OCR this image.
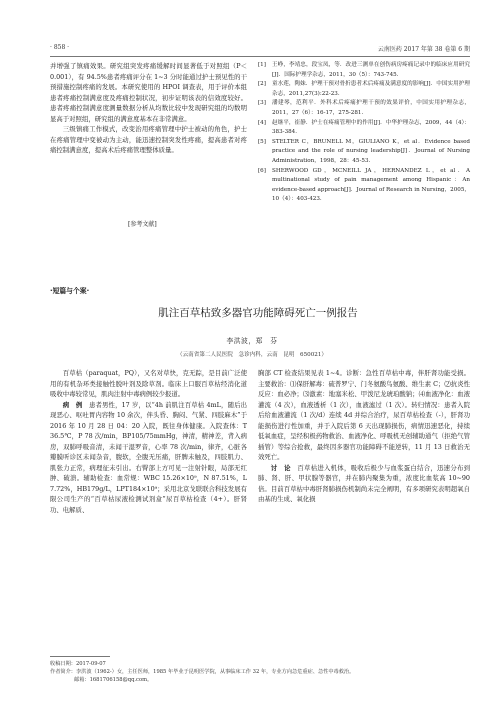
· 858 ·	云南医药 2017 年第 38 卷第 6 期

并增强了镇痛效果。研究组突发疼痛缓解时间显著低于对照组（P＜0.001），有 94.5%患者疼痛评分在 1~3 分时能通过护士预见性的干预措施控制疼痛的发展。本研究使用的 HPOI 调查表，用于评价本组患者疼痛控制满意度及疼痛控制状况，初步证明该表的信效度较好。患者疼痛控制满意度测量数据分析从均数比较中发现研究组的均数明显高于对照组，研究组的满意度基本在非常满意。

三级镇痛工作模式，改变治用疼痛管理中护士被动的角色，护士在疼痛管理中变被动为主动，能迅速控制突发性疼痛，提高患者对疼痛控制满意度，提高术后疼痛管理整体质量。

[参考文献]
[1] 王峥，李靖忠，段宝凤，等．改进三测单在创伤病房疼痛记录中的临床应用研究[J]．国际护理学杂志，2011，30（5）：743-745.
[2] 童水莲，陶妹．护理干预对骨折患者术后疼痛及满意度的影响[J]．中国实用护理杂志，2011,27(3):22-23.
[3] 潘建琴，范利平．外科术后疼痛护理干预的效果评价，中国实用护理杂志，2011，27（6）：16-17，275-281.
[4] 赵继平，崔静．护士在疼痛管理中的作用[J]．中华护理杂志，2009，44（4）：383-384.
[5] STELTER C，BRUNELL M，GIULIANO K，et al．Evidence based practice and the role of nursing leadership[J]．Journal of Nursing Administration，1998，28：45-53.
[6] SHERWOOD GD，MCNEILL JA，HERNANDEZ L，et al．A multinational study of pain management among Hispanic：An evidence-based approach[J]．Journal of Research in Nursing，2005，10（4）：403-423.
·短篇与个案·
肌注百草枯致多器官功能障碍死亡一例报告
李洪波，郑　芬
（云南省第二人民医院　急诊内科，云南　昆明　650021）

百草枯（paraquat，PQ），又名对草快，克无踪，是目前广泛使用的有机杂环类接触性脱叶剂及除草剂。临床上口服百草枯经消化道吸收中毒较常见，肌肉注射中毒病例较少报道。

病　例　 患者男性，17 岁，以“4h 前肌注百草枯 4mL，随后出现恶心、呕吐胃内容物 10 余次，伴头昏、胸闷、气紧、四肢麻木”于 2016 年 10 月 28 日 04：20 入院，既往身体健康。入院查体：T 36.5℃，P 78 次/min，BP105/75mmHg，神清，精神差，背入病房，双肺呼吸音清，未闻干湿罗音，心率 78 次/min，律齐，心脏各瓣膜听诊区未闻杂音，腹软，全腹无压痛，肝脾未触及，四肢肌力、肌张力正常，病理征未引出。右臀部上方可见一注射针眼，局部无红肿、破溃。辅助检查：血常规：WBC 15.26×10⁹，N 87.51%，L 7.72%，HB179g/L，LPT184×10⁹；采用北京戈联联合科技发展有限公司生产的“百草枯尿液检测试剂盒”尿百草枯检查（4+）。肝肾功、电解质、

胸部 CT 检查结果见表 1~4。诊断：急性百草枯中毒，伴肝肾功能受损。主要救治：⑴保肝解毒：硫普罗宁、门冬氨酸鸟氨酸、维生素 C；⑵抗炎性反应：血必净；⑶激素：地塞米松、甲泼尼龙琥珀酸钠；⑷血液净化：血液灌流（4 次），血液透析（1 次），血液滤过（1 次）。转归情况：患者入院后给血液灌流（1 次/d）连续 4d 并综合治疗，尿百草枯检查（-），肝肾功能损伤进行性加重，并于入院后第 6 天出现肺损伤，病情迅速恶化，持续低氧血症，呈经积极药物救治、血液净化、呼吸机无创辅助通气（拒绝气管插管）等综合抢救，最终因多器官功能障碍不能逆转，11 月 13 日救治无效死亡。

讨　论　 百草枯进入机体，吸收后极少与血浆蛋白结合，迅速分布到肺、肾、肝、甲状腺等器官，并在肺内聚集为重，浓度比血浆高 10~90 倍。目前百草枯中毒肝肾肺损伤机制尚未完全阐明，有多项研究表明超氧自由基的生成、氧化损

收稿日期：2017-09-07
作者简介：李洪波（1962-）女，主任医师，1985 年毕业于昆明医学院，从事临床工作 32 年，专业方向急危重症、急性中毒救治。
邮箱：1681706158@qq.com。
